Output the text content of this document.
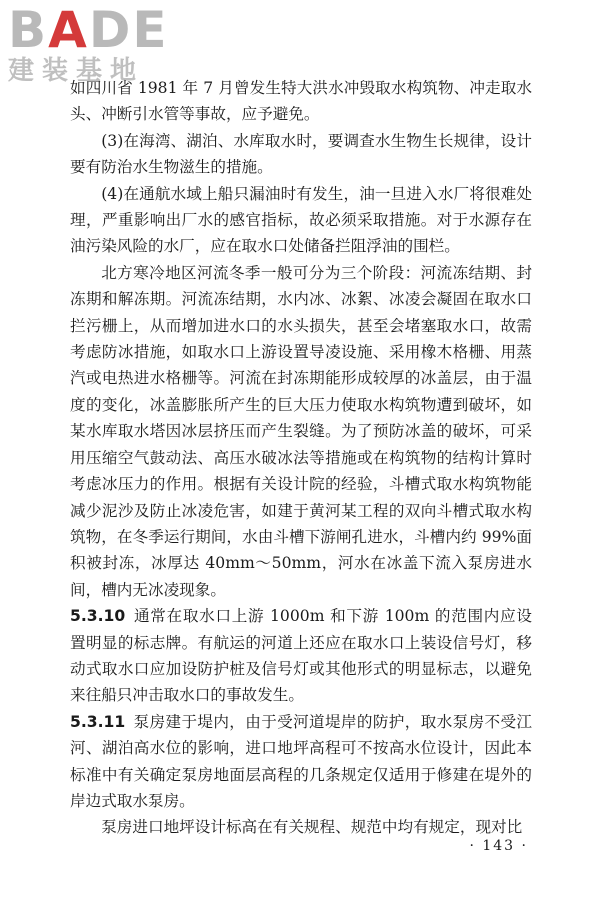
BADE
建装基地

如四川省 1981 年 7 月曾发生特大洪水冲毁取水构筑物、冲走取水头、冲断引水管等事故，应予避免。

(3)在海湾、湖泊、水库取水时，要调查水生物生长规律，设计要有防治水生物滋生的措施。

(4)在通航水域上船只漏油时有发生，油一旦进入水厂将很难处理，严重影响出厂水的感官指标，故必须采取措施。对于水源存在油污染风险的水厂，应在取水口处储备拦阻浮油的围栏。

北方寒冷地区河流冬季一般可分为三个阶段：河流冻结期、封冻期和解冻期。河流冻结期，水内冰、冰絮、冰凌会凝固在取水口拦污栅上，从而增加进水口的水头损失，甚至会堵塞取水口，故需考虑防冰措施，如取水口上游设置导凌设施、采用橡木格栅、用蒸汽或电热进水格栅等。河流在封冻期能形成较厚的冰盖层，由于温度的变化，冰盖膨胀所产生的巨大压力使取水构筑物遭到破坏，如某水库取水塔因冰层挤压而产生裂缝。为了预防冰盖的破坏，可采用压缩空气鼓动法、高压水破冰法等措施或在构筑物的结构计算时考虑冰压力的作用。根据有关设计院的经验，斗槽式取水构筑物能减少泥沙及防止冰凌危害，如建于黄河某工程的双向斗槽式取水构筑物，在冬季运行期间，水由斗槽下游闸孔进水，斗槽内约 99%面积被封冻，冰厚达 40mm～50mm，河水在冰盖下流入泵房进水间，槽内无冰凌现象。

5.3.10 通常在取水口上游 1000m 和下游 100m 的范围内应设置明显的标志牌。有航运的河道上还应在取水口上装设信号灯，移动式取水口应加设防护桩及信号灯或其他形式的明显标志，以避免来往船只冲击取水口的事故发生。

5.3.11 泵房建于堤内，由于受河道堤岸的防护，取水泵房不受江河、湖泊高水位的影响，进口地坪高程可不按高水位设计，因此本标准中有关确定泵房地面层高程的几条规定仅适用于修建在堤外的岸边式取水泵房。

泵房进口地坪设计标高在有关规程、规范中均有规定，现对比

· 143 ·
